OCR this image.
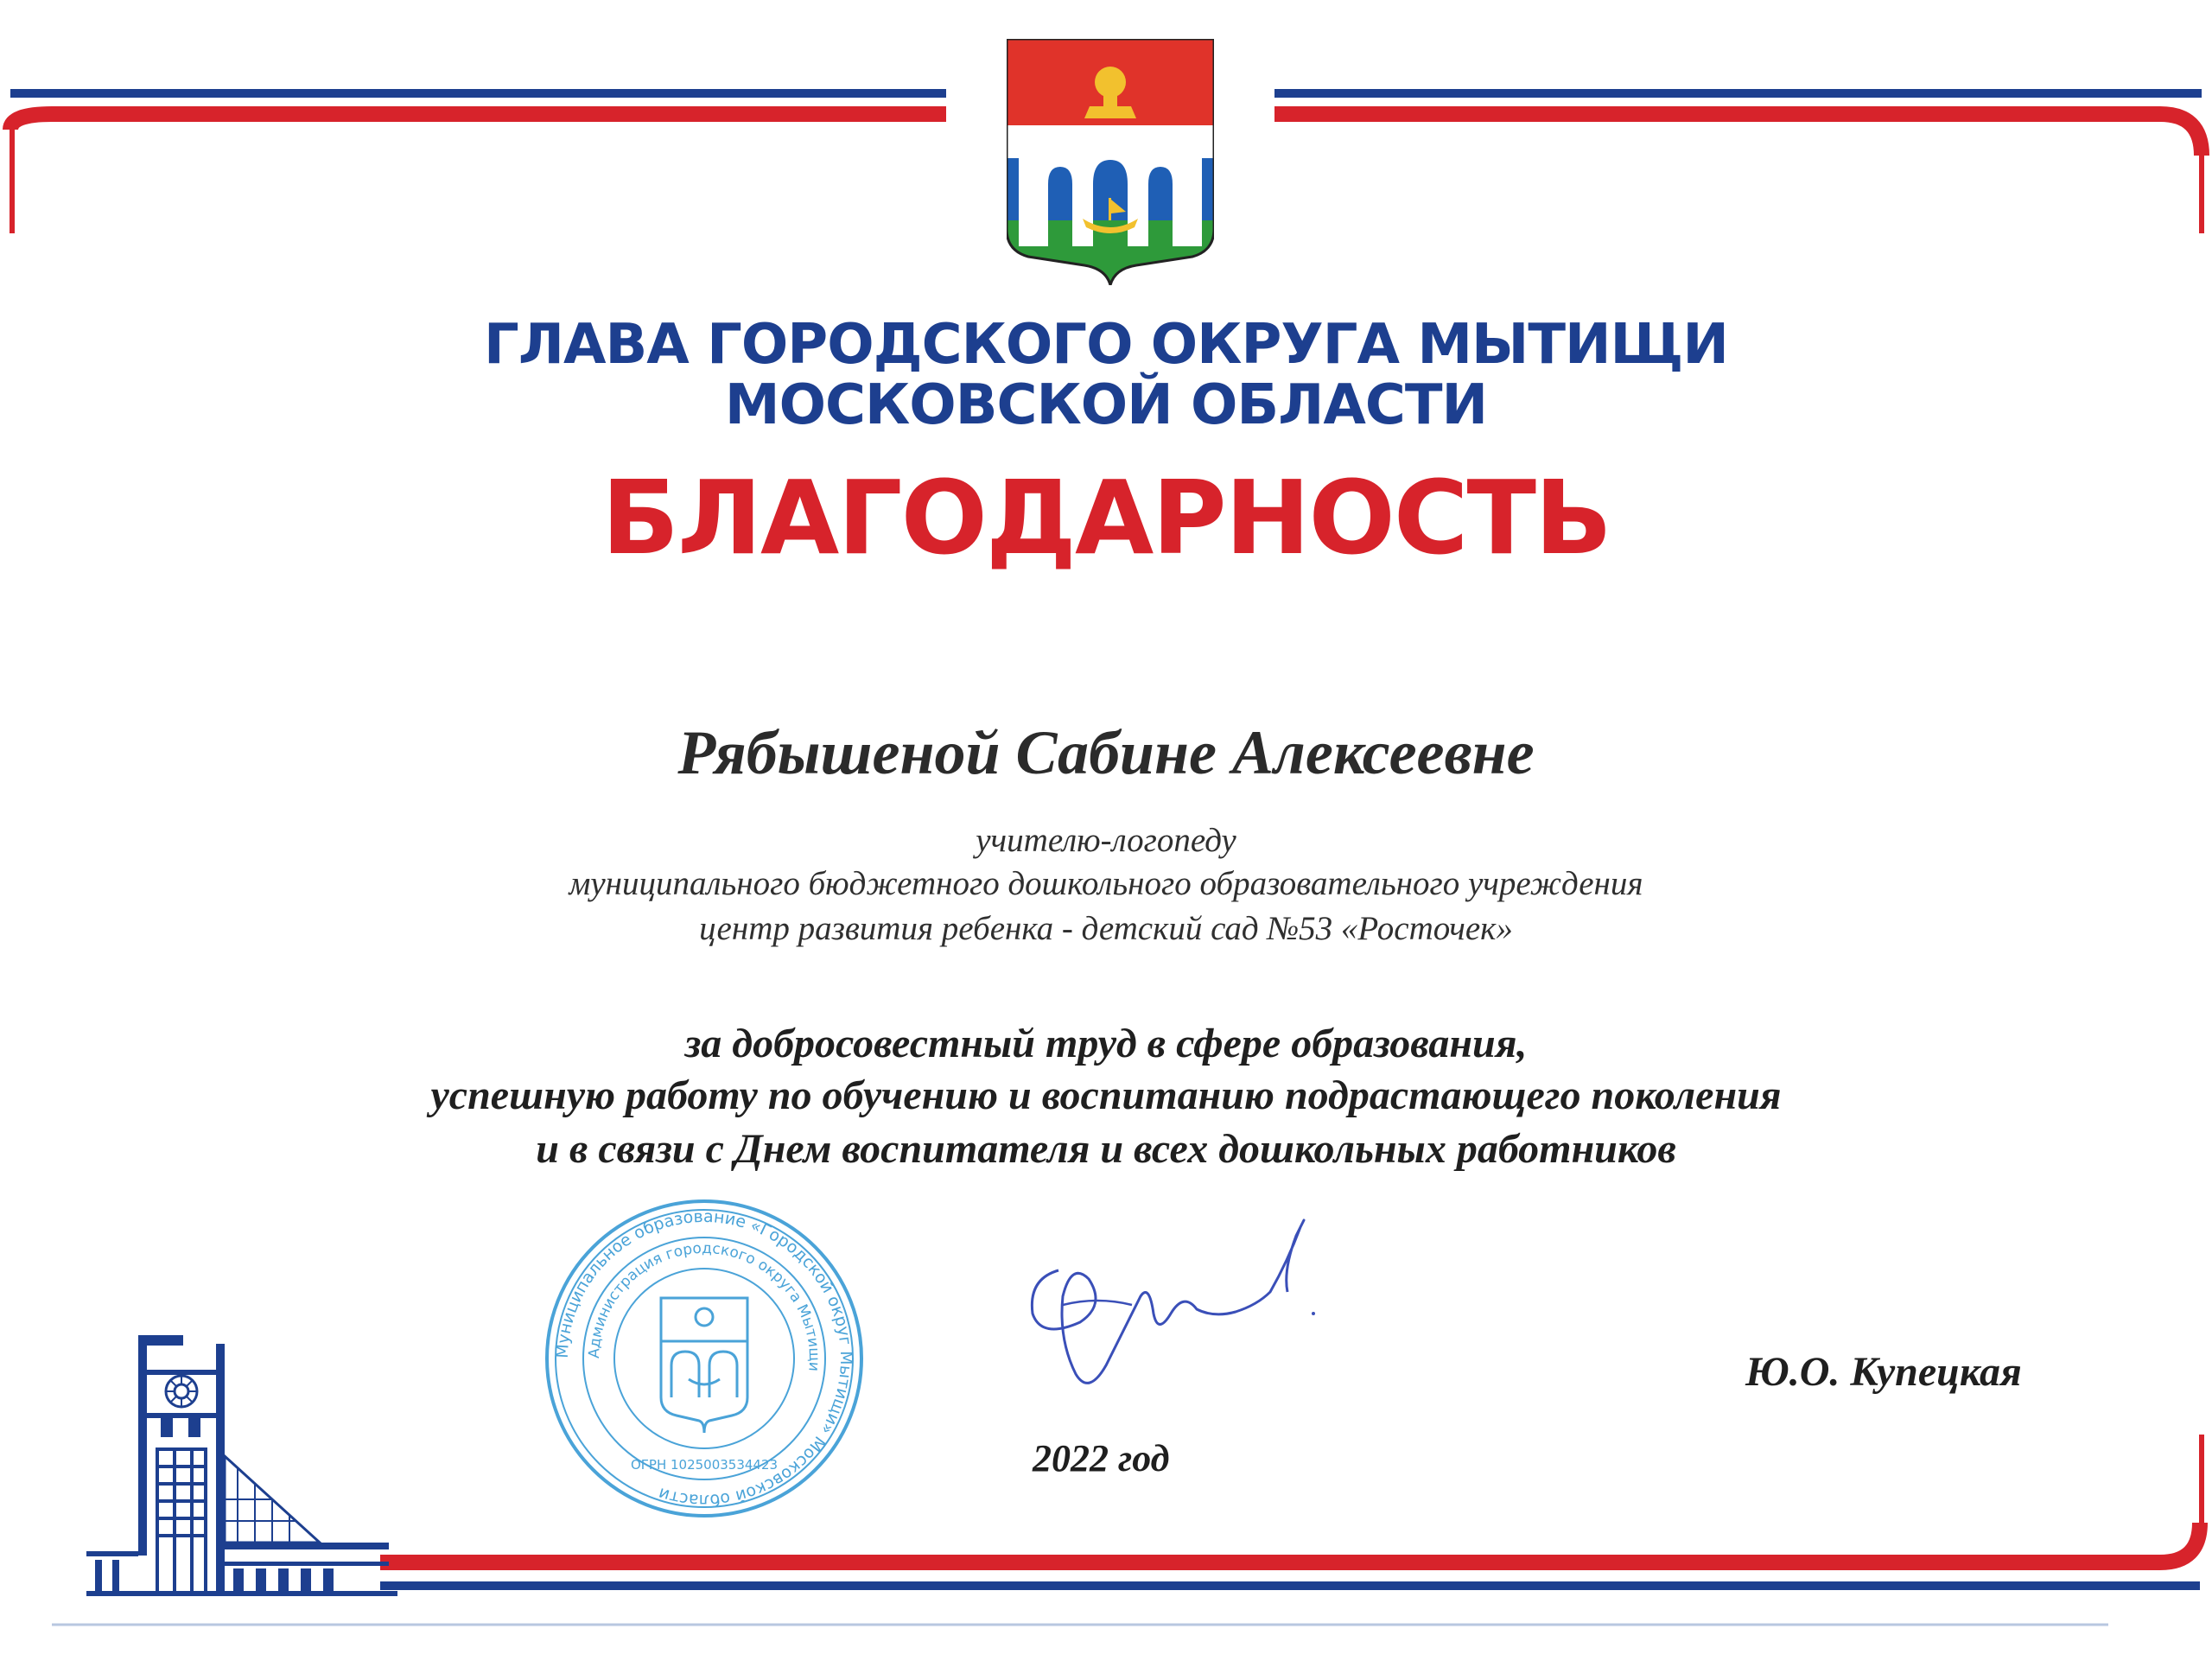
ГЛАВА ГОРОДСКОГО ОКРУГА МЫТИЩИ

МОСКОВСКОЙ ОБЛАСТИ

БЛАГОДАРНОСТЬ

Рябышеной Сабине Алексеевне

учителю-логопеду

муниципального бюджетного дошкольного образовательного учреждения

центр развития ребенка - детский сад №53 «Росточек»

за добросовестный труд в сфере образования,

успешную работу по обучению и воспитанию подрастающего поколения

и в связи с Днем воспитателя и всех дошкольных работников

Муниципальное образование «Городской округ Мытищи» Московской области
Администрация городского округа Мытищи
ОГРН 1025003534423
Ю.О. Купецкая
2022 год
